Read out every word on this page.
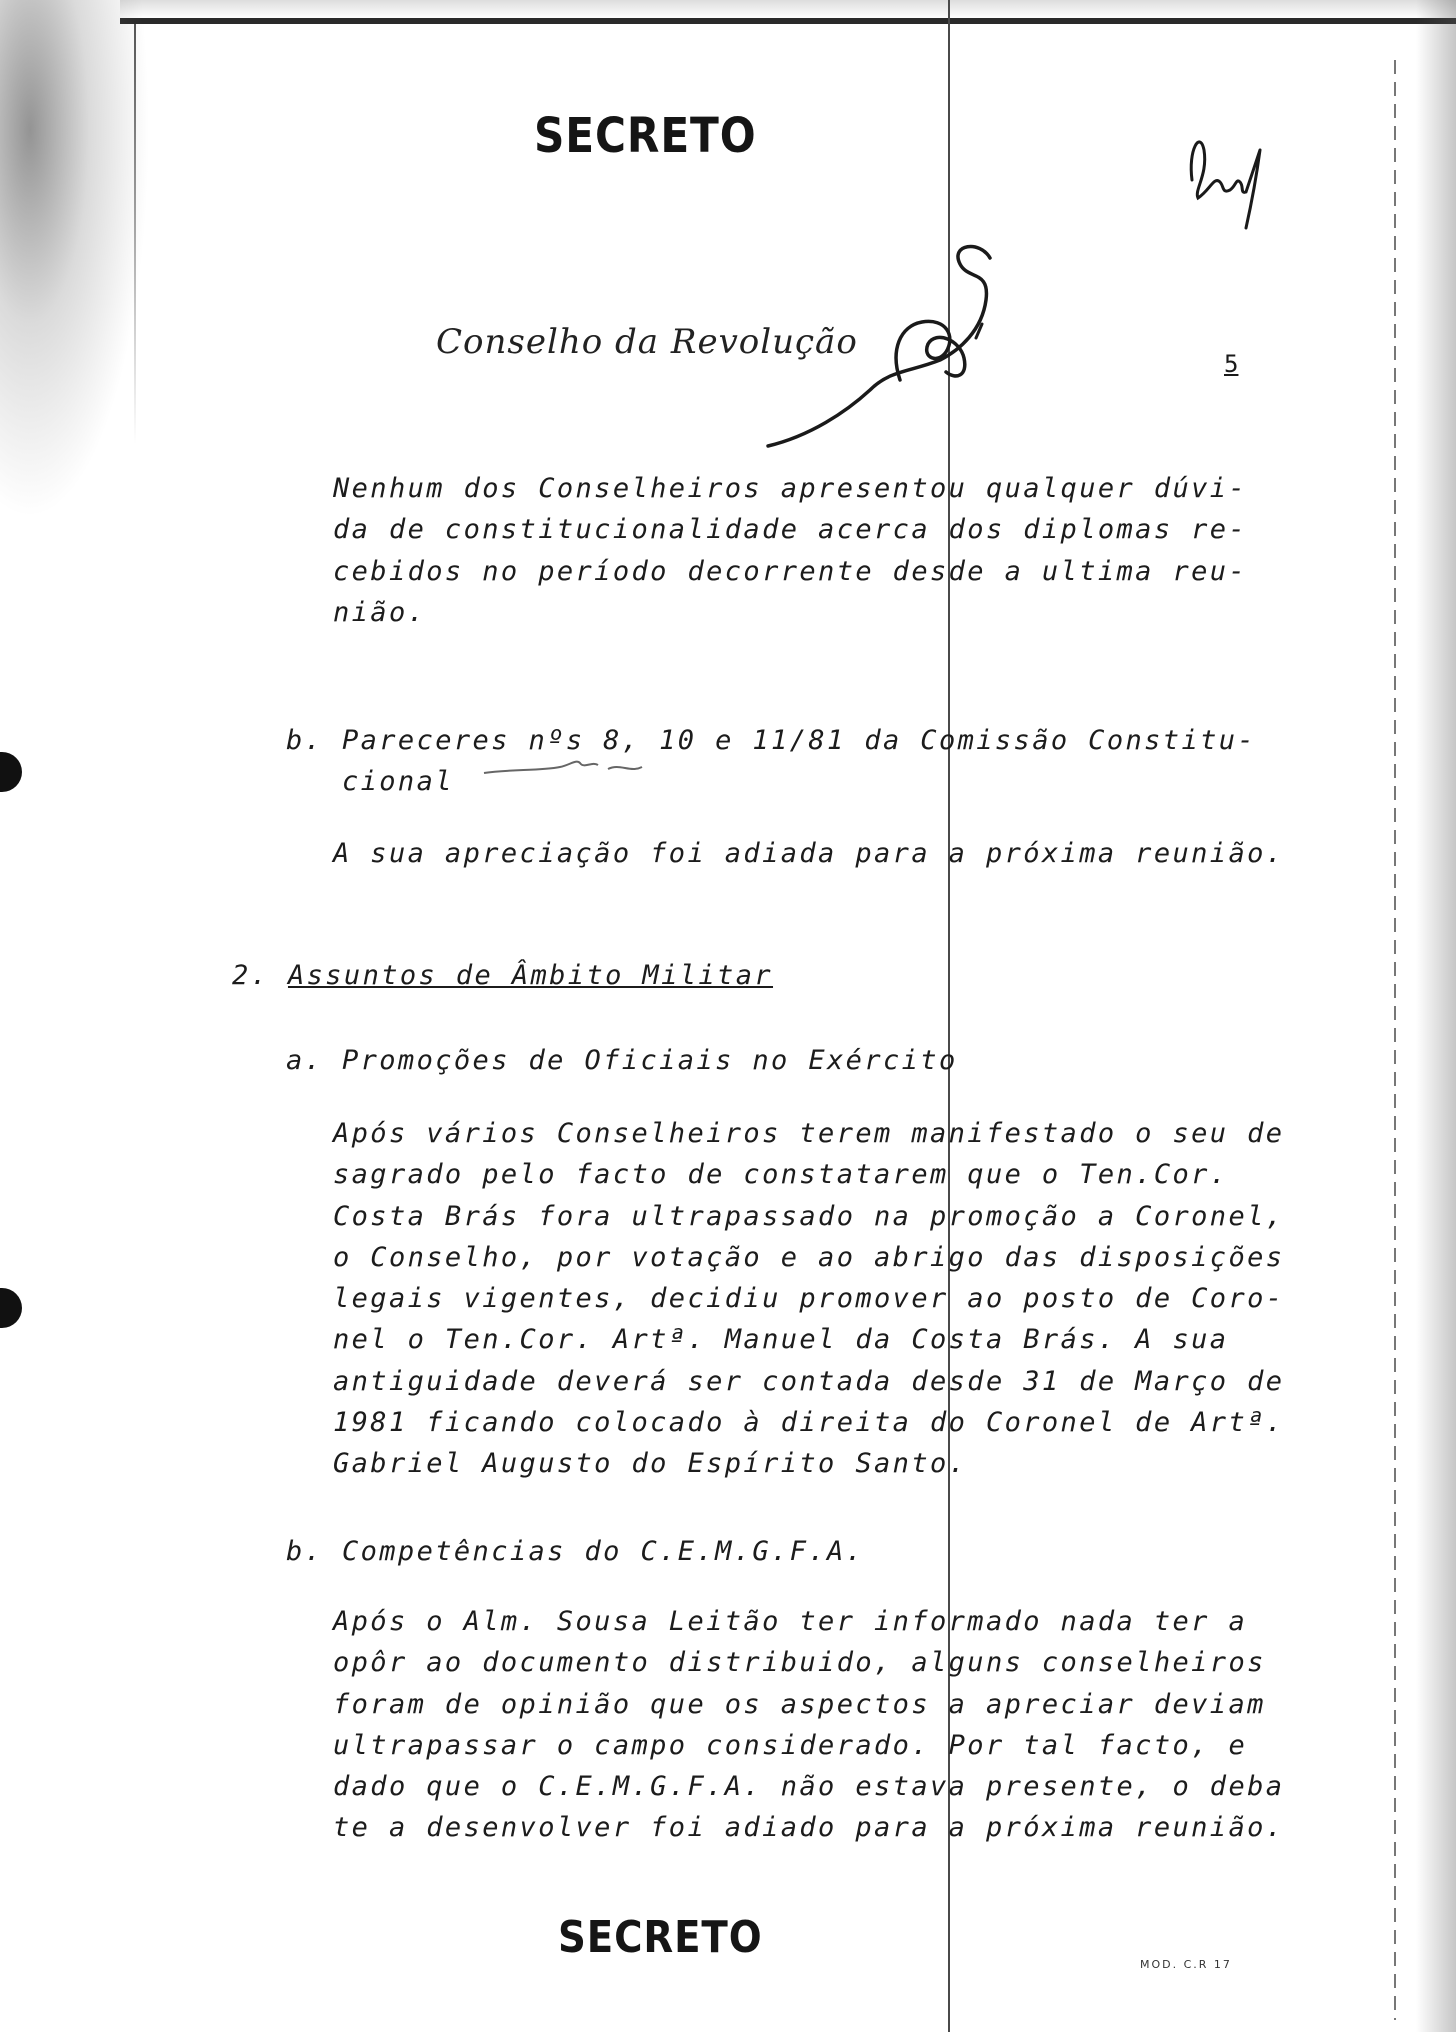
SECRETO
Conselho da Revolução
5
Nenhum dos Conselheiros apresentou qualquer dúvi-
da de constitucionalidade acerca dos diplomas re-
cebidos no período decorrente desde a ultima reu-
nião.
b. Pareceres nºs 8, 10 e 11/81 da Comissão Constitu-
cional
A sua apreciação foi adiada para a próxima reunião.
2. Assuntos de Âmbito Militar
a. Promoções de Oficiais no Exército
Após vários Conselheiros terem manifestado o seu de
sagrado pelo facto de constatarem que o Ten.Cor.
Costa Brás fora ultrapassado na promoção a Coronel,
o Conselho, por votação e ao abrigo das disposições
legais vigentes, decidiu promover ao posto de Coro-
nel o Ten.Cor. Artª. Manuel da Costa Brás. A sua
antiguidade deverá ser contada desde 31 de Março de
1981 ficando colocado à direita do Coronel de Artª.
Gabriel Augusto do Espírito Santo.
b. Competências do C.E.M.G.F.A.
Após o Alm. Sousa Leitão ter informado nada ter a
opôr ao documento distribuido, alguns conselheiros
foram de opinião que os aspectos a apreciar deviam
ultrapassar o campo considerado. Por tal facto, e
dado que o C.E.M.G.F.A. não estava presente, o deba
te a desenvolver foi adiado para a próxima reunião.
SECRETO
MOD. C.R 17
